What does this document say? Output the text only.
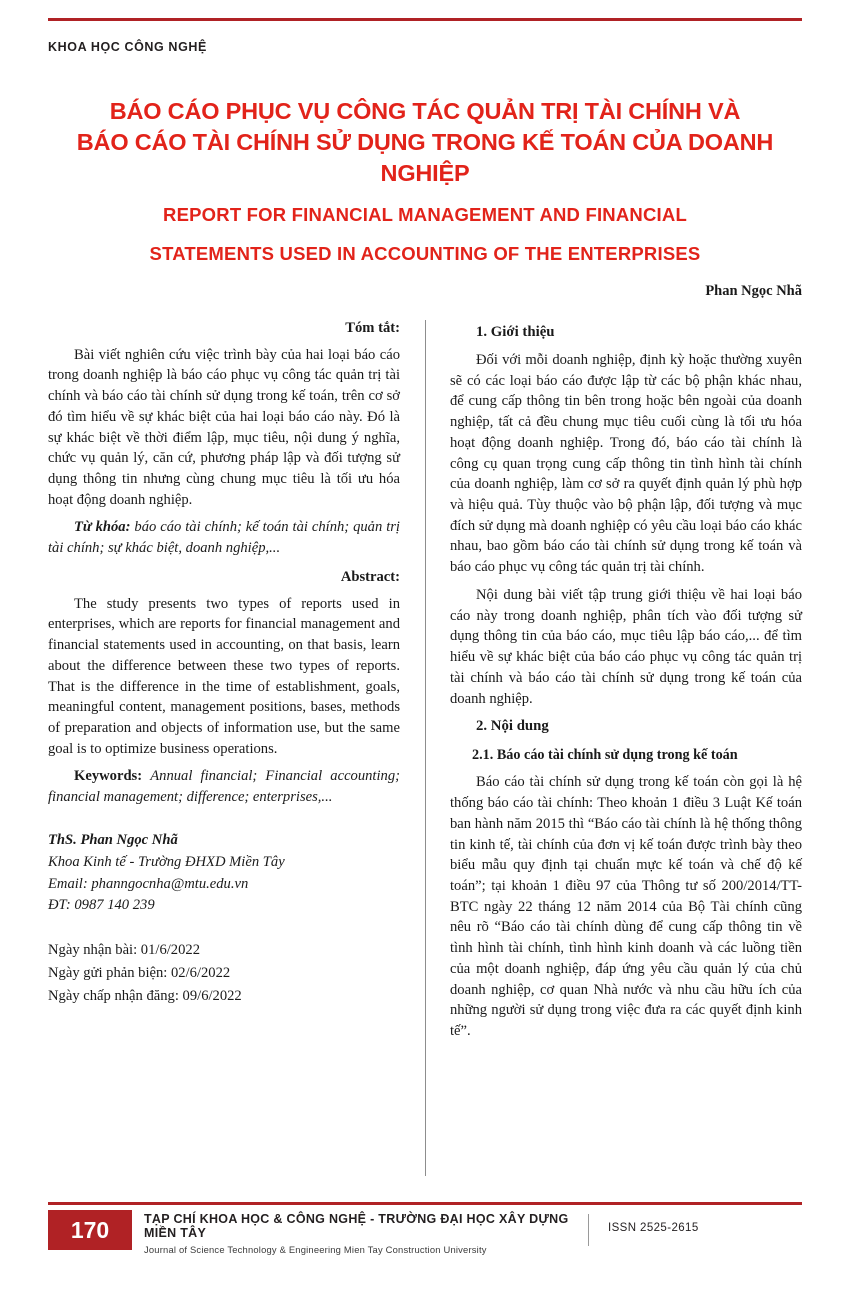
KHOA HỌC CÔNG NGHỆ
BÁO CÁO PHỤC VỤ CÔNG TÁC QUẢN TRỊ TÀI CHÍNH VÀ
BÁO CÁO TÀI CHÍNH SỬ DỤNG TRONG KẾ TOÁN CỦA DOANH NGHIỆP
REPORT FOR FINANCIAL MANAGEMENT AND FINANCIAL
STATEMENTS USED IN ACCOUNTING OF THE ENTERPRISES
Phan Ngọc Nhã
Tóm tắt:

Bài viết nghiên cứu việc trình bày của hai loại báo cáo trong doanh nghiệp là báo cáo phục vụ công tác quản trị tài chính và báo cáo tài chính sử dụng trong kế toán, trên cơ sở đó tìm hiểu về sự khác biệt của hai loại báo cáo này. Đó là sự khác biệt về thời điểm lập, mục tiêu, nội dung ý nghĩa, chức vụ quản lý, căn cứ, phương pháp lập và đối tượng sử dụng thông tin nhưng cùng chung mục tiêu là tối ưu hóa hoạt động doanh nghiệp.

Từ khóa: báo cáo tài chính; kế toán tài chính; quản trị tài chính; sự khác biệt, doanh nghiệp,...

Abstract:

The study presents two types of reports used in enterprises, which are reports for financial management and financial statements used in accounting, on that basis, learn about the difference between these two types of reports. That is the difference in the time of establishment, goals, meaningful content, management positions, bases, methods of preparation and objects of information use, but the same goal is to optimize business operations.

Keywords: Annual financial; Financial accounting; financial management; difference; enterprises,...

ThS. Phan Ngọc Nhã
Khoa Kinh tế - Trường ĐHXD Miền Tây
Email: phanngocnha@mtu.edu.vn
ĐT: 0987 140 239
Ngày nhận bài: 01/6/2022
Ngày gửi phản biện: 02/6/2022
Ngày chấp nhận đăng: 09/6/2022
1. Giới thiệu

Đối với mỗi doanh nghiệp, định kỳ hoặc thường xuyên sẽ có các loại báo cáo được lập từ các bộ phận khác nhau, để cung cấp thông tin bên trong hoặc bên ngoài của doanh nghiệp, tất cả đều chung mục tiêu cuối cùng là tối ưu hóa hoạt động doanh nghiệp. Trong đó, báo cáo tài chính là công cụ quan trọng cung cấp thông tin tình hình tài chính của doanh nghiệp, làm cơ sở ra quyết định quản lý phù hợp và hiệu quả. Tùy thuộc vào bộ phận lập, đối tượng và mục đích sử dụng mà doanh nghiệp có yêu cầu loại báo cáo khác nhau, bao gồm báo cáo tài chính sử dụng trong kế toán và báo cáo phục vụ công tác quản trị tài chính.

Nội dung bài viết tập trung giới thiệu về hai loại báo cáo này trong doanh nghiệp, phân tích vào đối tượng sử dụng thông tin của báo cáo, mục tiêu lập báo cáo,... để tìm hiểu về sự khác biệt của báo cáo phục vụ công tác quản trị tài chính và báo cáo tài chính sử dụng trong kế toán của doanh nghiệp.

2. Nội dung
2.1. Báo cáo tài chính sử dụng trong kế toán

Báo cáo tài chính sử dụng trong kế toán còn gọi là hệ thống báo cáo tài chính: Theo khoản 1 điều 3 Luật Kế toán ban hành năm 2015 thì “Báo cáo tài chính là hệ thống thông tin kinh tế, tài chính của đơn vị kế toán được trình bày theo biểu mẫu quy định tại chuẩn mực kế toán và chế độ kế toán”; tại khoản 1 điều 97 của Thông tư số 200/2014/TT-BTC ngày 22 tháng 12 năm 2014 của Bộ Tài chính cũng nêu rõ “Báo cáo tài chính dùng để cung cấp thông tin về tình hình tài chính, tình hình kinh doanh và các luồng tiền của một doanh nghiệp, đáp ứng yêu cầu quản lý của chủ doanh nghiệp, cơ quan Nhà nước và nhu cầu hữu ích của những người sử dụng trong việc đưa ra các quyết định kinh tế”.

170	TẠP CHÍ KHOA HỌC & CÔNG NGHỆ - TRƯỜNG ĐẠI HỌC XÂY DỰNG MIỀN TÂY
Journal of Science Technology & Engineering Mien Tay Construction University
ISSN 2525-2615
